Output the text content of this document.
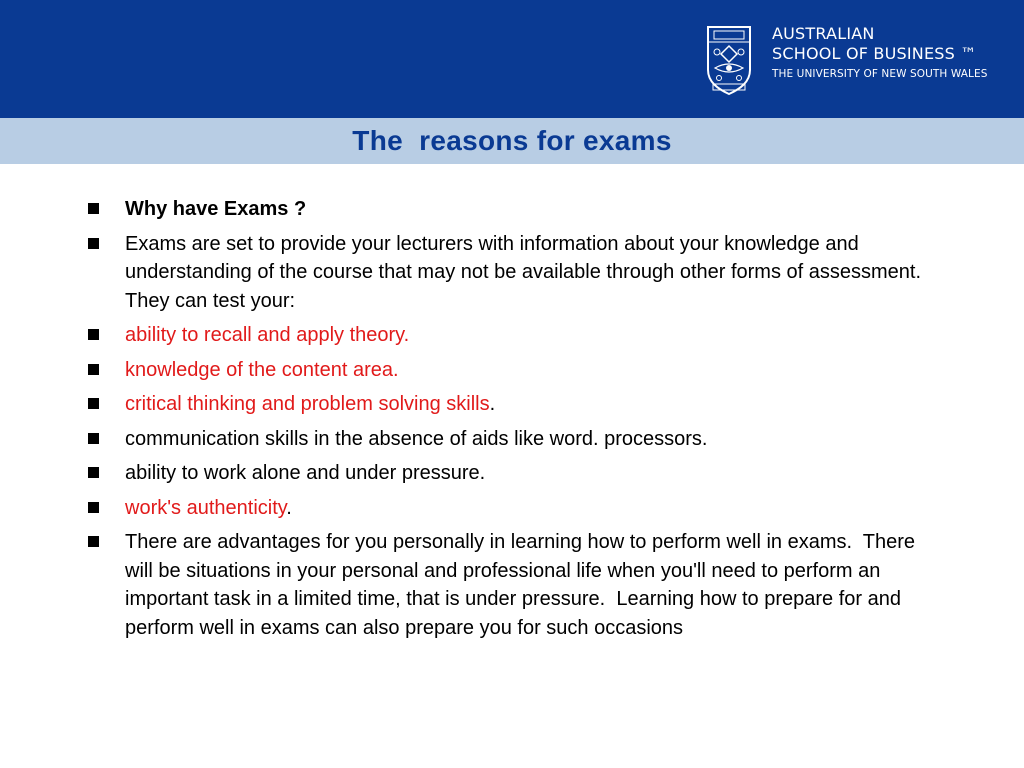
AUSTRALIAN
SCHOOL OF BUSINESS ™
THE UNIVERSITY OF NEW SOUTH WALES
The  reasons for exams
Why have Exams ?
Exams are set to provide your lecturers with information about your knowledge and understanding of the course that may not be available through other forms of assessment. They can test your:
ability to recall and apply theory.
knowledge of the content area.
critical thinking and problem solving skills.
communication skills in the absence of aids like word. processors.
ability to work alone and under pressure.
work's authenticity.
There are advantages for you personally in learning how to perform well in exams.  There will be situations in your personal and professional life when you'll need to perform an important task in a limited time, that is under pressure.  Learning how to prepare for and perform well in exams can also prepare you for such occasions
